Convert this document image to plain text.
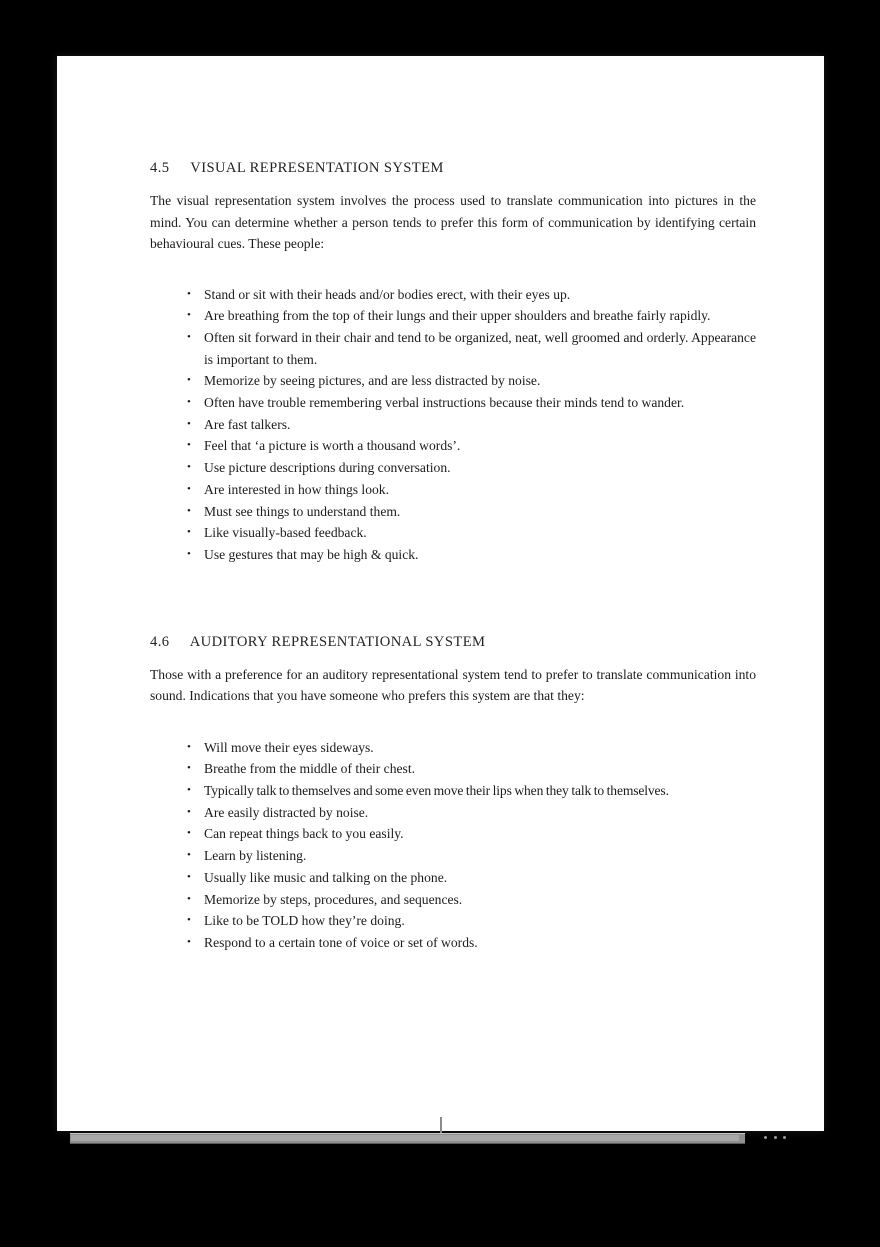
4.5 VISUAL REPRESENTATION SYSTEM

The visual representation system involves the process used to translate communication into pictures in the mind. You can determine whether a person tends to prefer this form of communication by identifying certain behavioural cues. These people:

• Stand or sit with their heads and/or bodies erect, with their eyes up.
• Are breathing from the top of their lungs and their upper shoulders and breathe fairly rapidly.
• Often sit forward in their chair and tend to be organized, neat, well groomed and orderly. Appearance is important to them.
• Memorize by seeing pictures, and are less distracted by noise.
• Often have trouble remembering verbal instructions because their minds tend to wander.
• Are fast talkers.
• Feel that ‘a picture is worth a thousand words’.
• Use picture descriptions during conversation.
• Are interested in how things look.
• Must see things to understand them.
• Like visually-based feedback.
• Use gestures that may be high & quick.
4.6 AUDITORY REPRESENTATIONAL SYSTEM

Those with a preference for an auditory representational system tend to prefer to translate communication into sound. Indications that you have someone who prefers this system are that they:

• Will move their eyes sideways.
• Breathe from the middle of their chest.
• Typically talk to themselves and some even move their lips when they talk to themselves.
• Are easily distracted by noise.
• Can repeat things back to you easily.
• Learn by listening.
• Usually like music and talking on the phone.
• Memorize by steps, procedures, and sequences.
• Like to be TOLD how they’re doing.
• Respond to a certain tone of voice or set of words.
